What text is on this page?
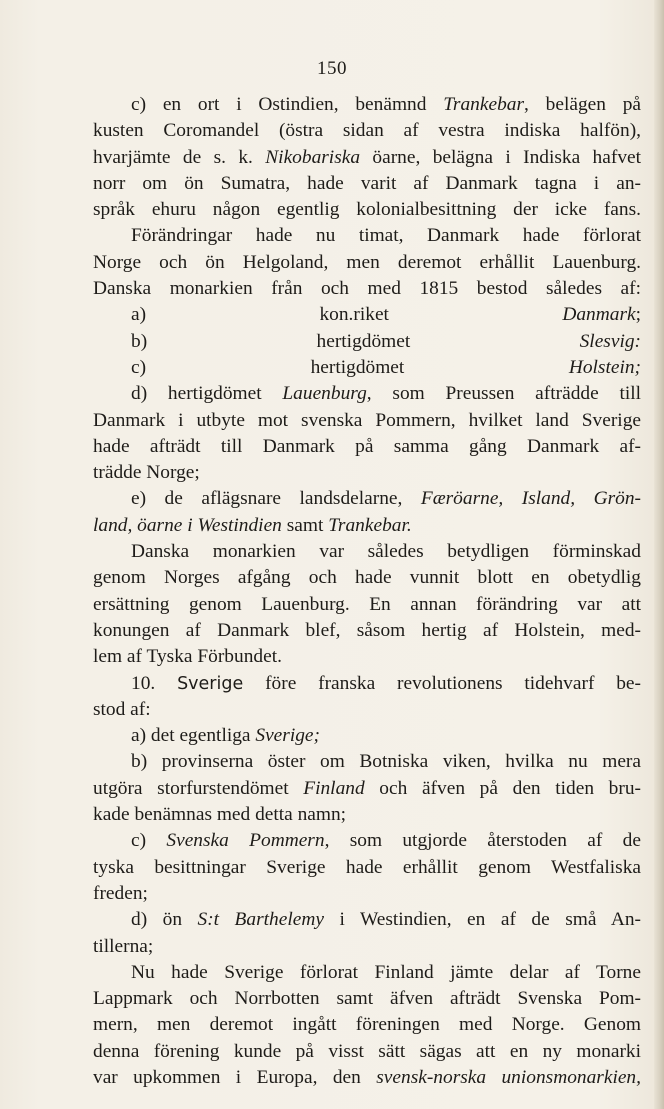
150
c) en ort i Ostindien, benämnd Trankebar, belägen på
kusten Coromandel (östra sidan af vestra indiska halfön),
hvarjämte de s. k. Nikobariska öarne, belägna i Indiska hafvet
norr om ön Sumatra, hade varit af Danmark tagna i an-
språk ehuru någon egentlig kolonialbesittning der icke fans.
Förändringar hade nu timat, Danmark hade förlorat
Norge och ön Helgoland, men deremot erhållit Lauenburg.
Danska monarkien från och med 1815 bestod således af:
a) kon.riket Danmark;
b) hertigdömet Slesvig:
c) hertigdömet Holstein;
d) hertigdömet Lauenburg, som Preussen afträdde till
Danmark i utbyte mot svenska Pommern, hvilket land Sverige
hade afträdt till Danmark på samma gång Danmark af-
trädde Norge;
e) de aflägsnare landsdelarne, Færöarne, Island, Grön-
land, öarne i Westindien samt Trankebar.
Danska monarkien var således betydligen förminskad
genom Norges afgång och hade vunnit blott en obetydlig
ersättning genom Lauenburg. En annan förändring var att
konungen af Danmark blef, såsom hertig af Holstein, med-
lem af Tyska Förbundet.
10. Sverige före franska revolutionens tidehvarf be-
stod af:
a) det egentliga Sverige;
b) provinserna öster om Botniska viken, hvilka nu mera
utgöra storfurstendömet Finland och äfven på den tiden bru-
kade benämnas med detta namn;
c) Svenska Pommern, som utgjorde återstoden af de
tyska besittningar Sverige hade erhållit genom Westfaliska
freden;
d) ön S:t Barthelemy i Westindien, en af de små An-
tillerna;
Nu hade Sverige förlorat Finland jämte delar af Torne
Lappmark och Norrbotten samt äfven afträdt Svenska Pom-
mern, men deremot ingått föreningen med Norge. Genom
denna förening kunde på visst sätt sägas att en ny monarki
var upkommen i Europa, den svensk-norska unionsmonarkien,
